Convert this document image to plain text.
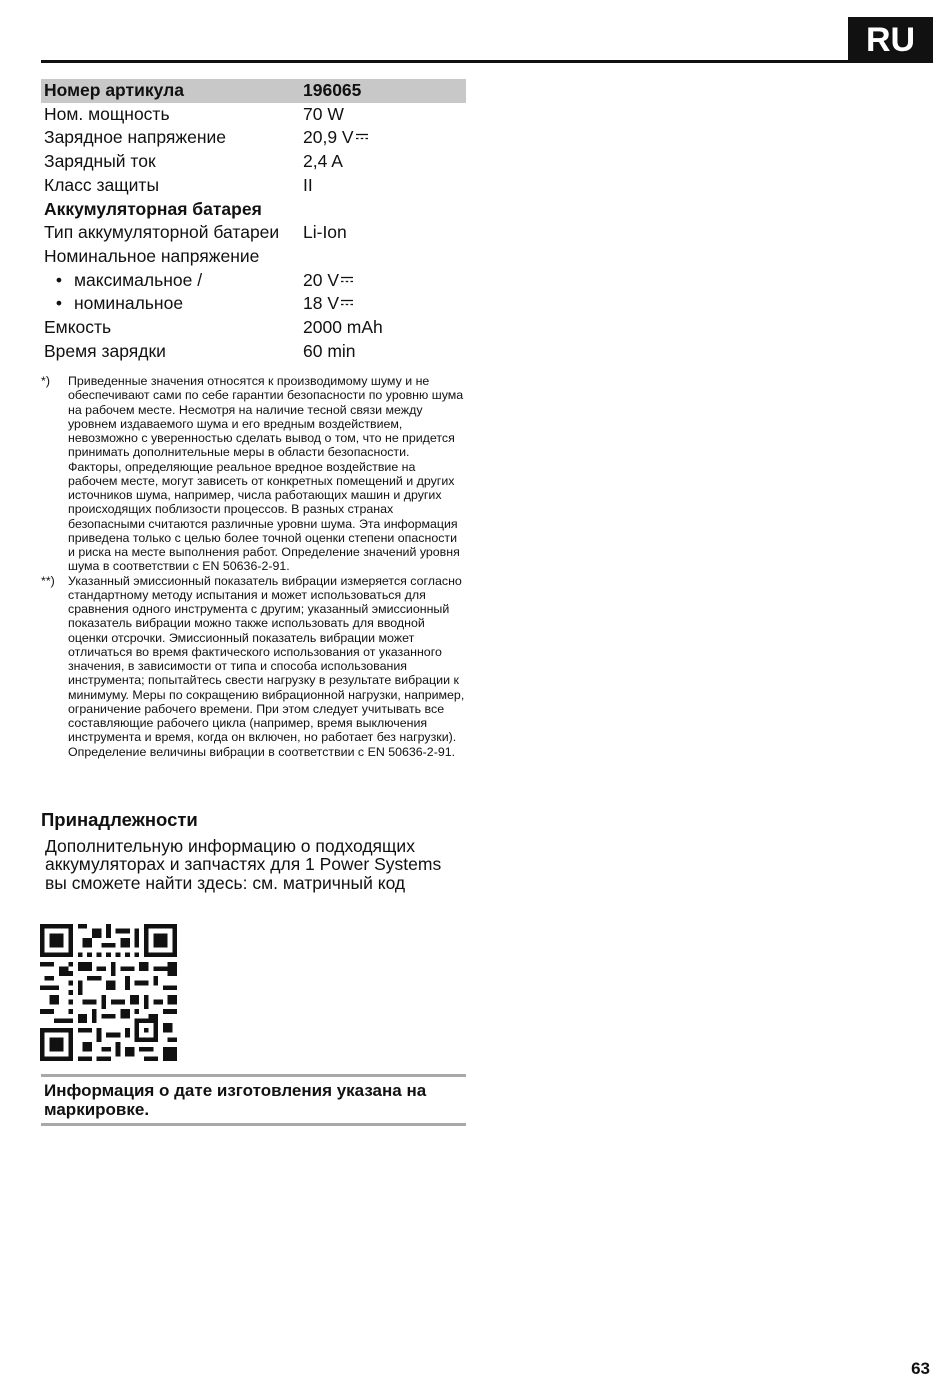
RU
Номер артикула	196065
Ном. мощность	70 W
Зарядное напряжение	20,9 V
Зарядный ток	2,4 A
Класс защиты	II
Аккумуляторная батарея	
Тип аккумуляторной батареи	Li-Ion
Номинальное напряжение	
• максимальное /	20 V
• номинальное	18 V
Емкость	2000 mAh
Время зарядки	60 min
*)	Приведенные значения относятся к производимому шуму и не обеспечивают сами по себе гарантии безопасности по уровню шума на рабочем месте. Несмотря на наличие тесной связи между уровнем издаваемого шума и его вредным воздействием, невозможно с уверенностью сделать вывод о том, что не придется принимать дополнительные меры в области безопасности. Факторы, определяющие реальное вредное воздействие на рабочем месте, могут зависеть от конкретных помещений и других источников шума, например, числа работающих машин и других происходящих поблизости процессов. В разных странах безопасными считаются различные уровни шума. Эта информация приведена только с целью более точной оценки степени опасности и риска на месте выполнения работ. Определение значений уровня шума в соответствии с EN 50636-2-91.
**)	Указанный эмиссионный показатель вибрации измеряется согласно стандартному методу испытания и может использоваться для сравнения одного инструмента с другим; указанный эмиссионный показатель вибрации можно также использовать для вводной оценки отсрочки. Эмиссионный показатель вибрации может отличаться во время фактического использования от указанного значения, в зависимости от типа и способа использования инструмента; попытайтесь свести нагрузку в результате вибрации к минимуму. Меры по сокращению вибрационной нагрузки, например, ограничение рабочего времени. При этом следует учитывать все составляющие рабочего цикла (например, время выключения инструмента и время, когда он включен, но работает без нагрузки). Определение величины вибрации в соответствии с EN 50636-2-91.
Принадлежности
Дополнительную информацию о подходящих аккумуляторах и запчастях для 1 Power Systems вы сможете найти здесь: см. матричный код
Информация о дате изготовления указана на маркировке.
63
